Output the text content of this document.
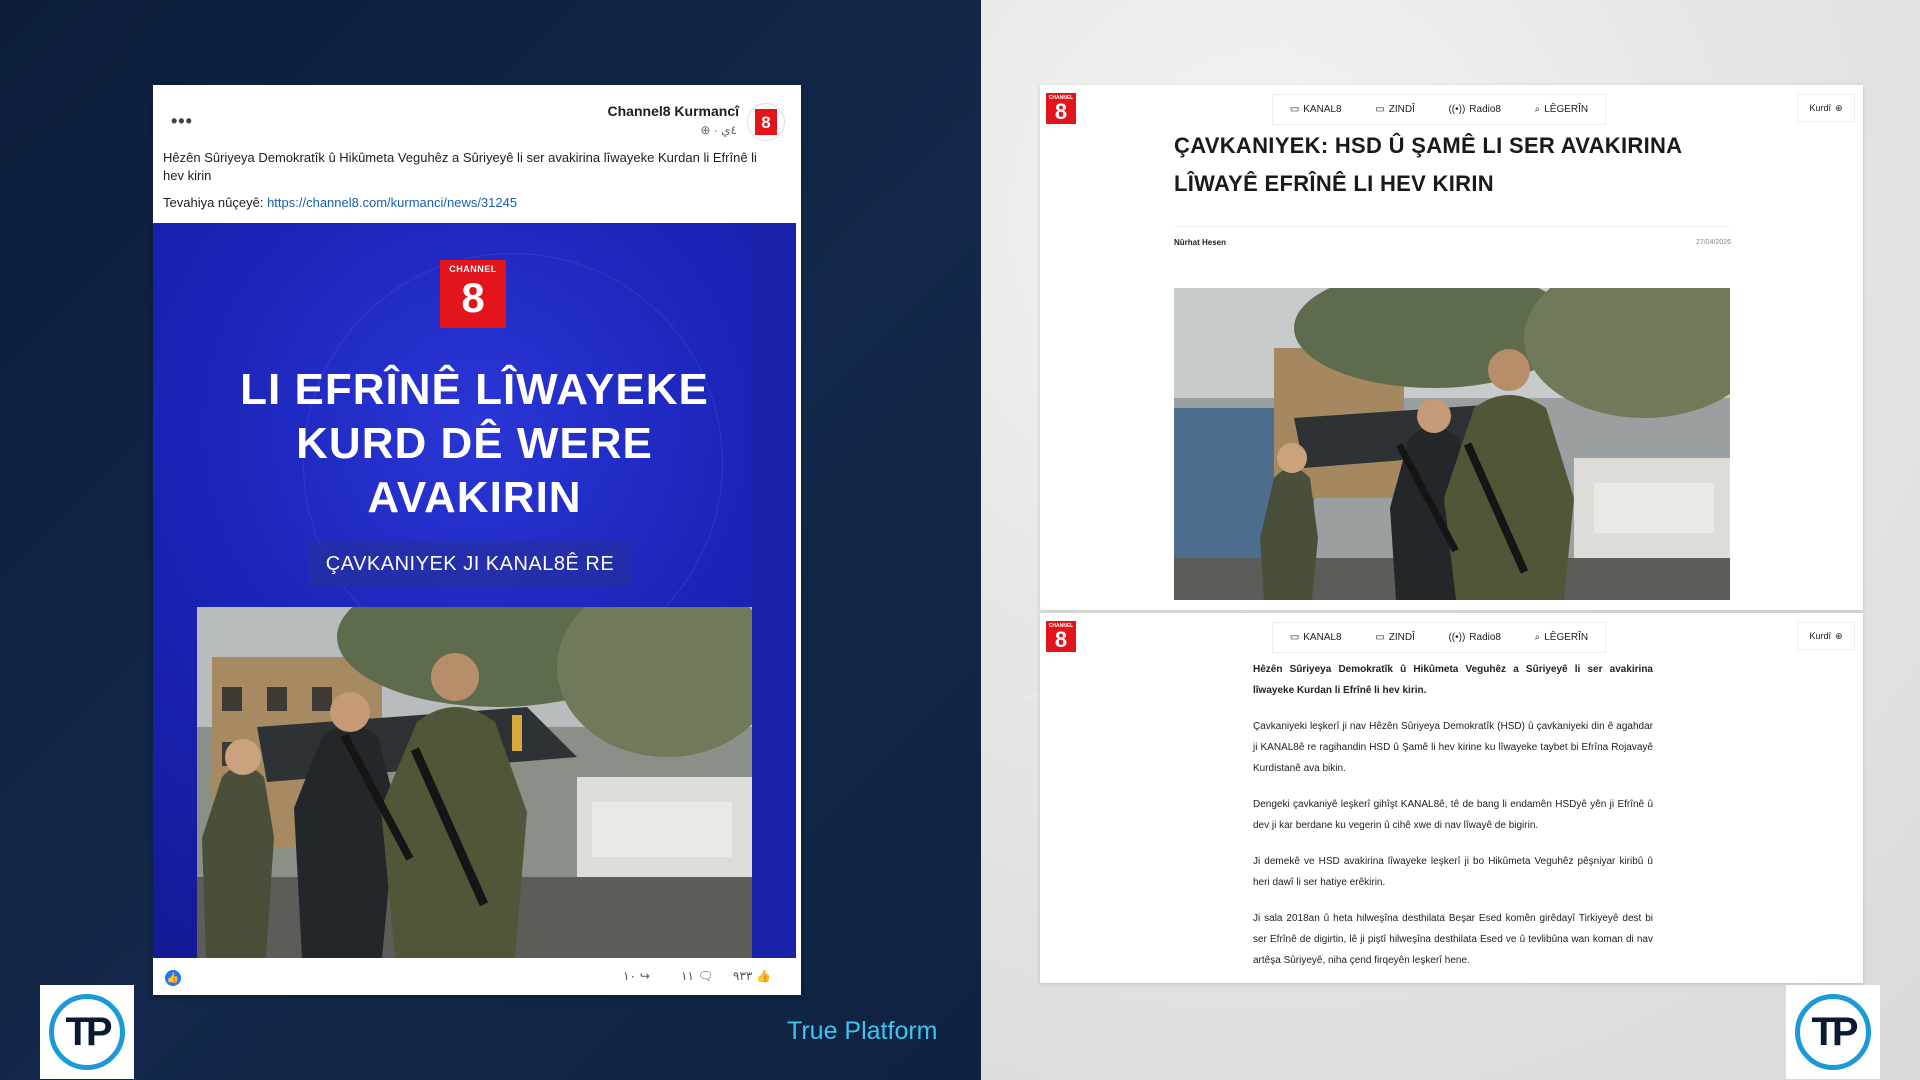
•••	Channel8 Kurmancî
⊕ · ٤ي	8
Hêzên Sûriyeya Demokratîk û Hikûmeta Veguhêz a Sûriyeyê li ser avakirina lîwayeke Kurdan li Efrînê li hev kirin
Tevahiya nûçeyê: https://channel8.com/kurmanci/news/31245
CHANNEL
8
LI EFRÎNÊ LÎWAYEKE
KURD DÊ WERE
AVAKIRIN
ÇAVKANIYEK JI KANAL8Ê RE
👍	١٠ ↪	١١ 🗨 ٩٣٣ 👍
TP	True Platform
CHANNEL
8	▭ KANAL8	▭ ZINDÎ	((•)) Radio8	⌕ LÊGERÎN	Kurdî ⊕
ÇAVKANIYEK: HSD Û ŞAMÊ LI SER AVAKIRINA LÎWAYÊ EFRÎNÊ LI HEV KIRIN
Nûrhat Hesen	27/04/2026
CHANNEL
8	▭ KANAL8	▭ ZINDÎ	((•)) Radio8	⌕ LÊGERÎN	Kurdî ⊕

Hêzên Sûriyeya Demokratîk û Hikûmeta Veguhêz a Sûriyeyê li ser avakirina lîwayeke Kurdan li Efrînê li hev kirin.

Çavkaniyeki leşkerî ji nav Hêzên Sûriyeya Demokratîk (HSD) û çavkaniyeki din ê agahdar ji KANAL8ê re ragihandin HSD û Şamê li hev kirine ku lîwayeke taybet bi Efrîna Rojavayê Kurdistanê ava bikin.

Dengeki çavkaniyê leşkerî gihîşt KANAL8ê, tê de bang li endamên HSDyê yên ji Efrînê û dev ji kar berdane ku vegerin û cihê xwe di nav lîwayê de bigirin.

Ji demekê ve HSD avakirina lîwayeke leşkerî ji bo Hikûmeta Veguhêz pêşniyar kiribû û heri dawî li ser hatiye erêkirin.

Ji sala 2018an û heta hilweşîna desthilata Beşar Esed komên girêdayî Tirkiyeyê dest bi ser Efrînê de digirtin, lê ji piştî hilweşîna desthilata Esed ve û tevlibûna wan koman di nav artêşa Sûriyeyê, niha çend firqeyên leşkerî hene.

TP
